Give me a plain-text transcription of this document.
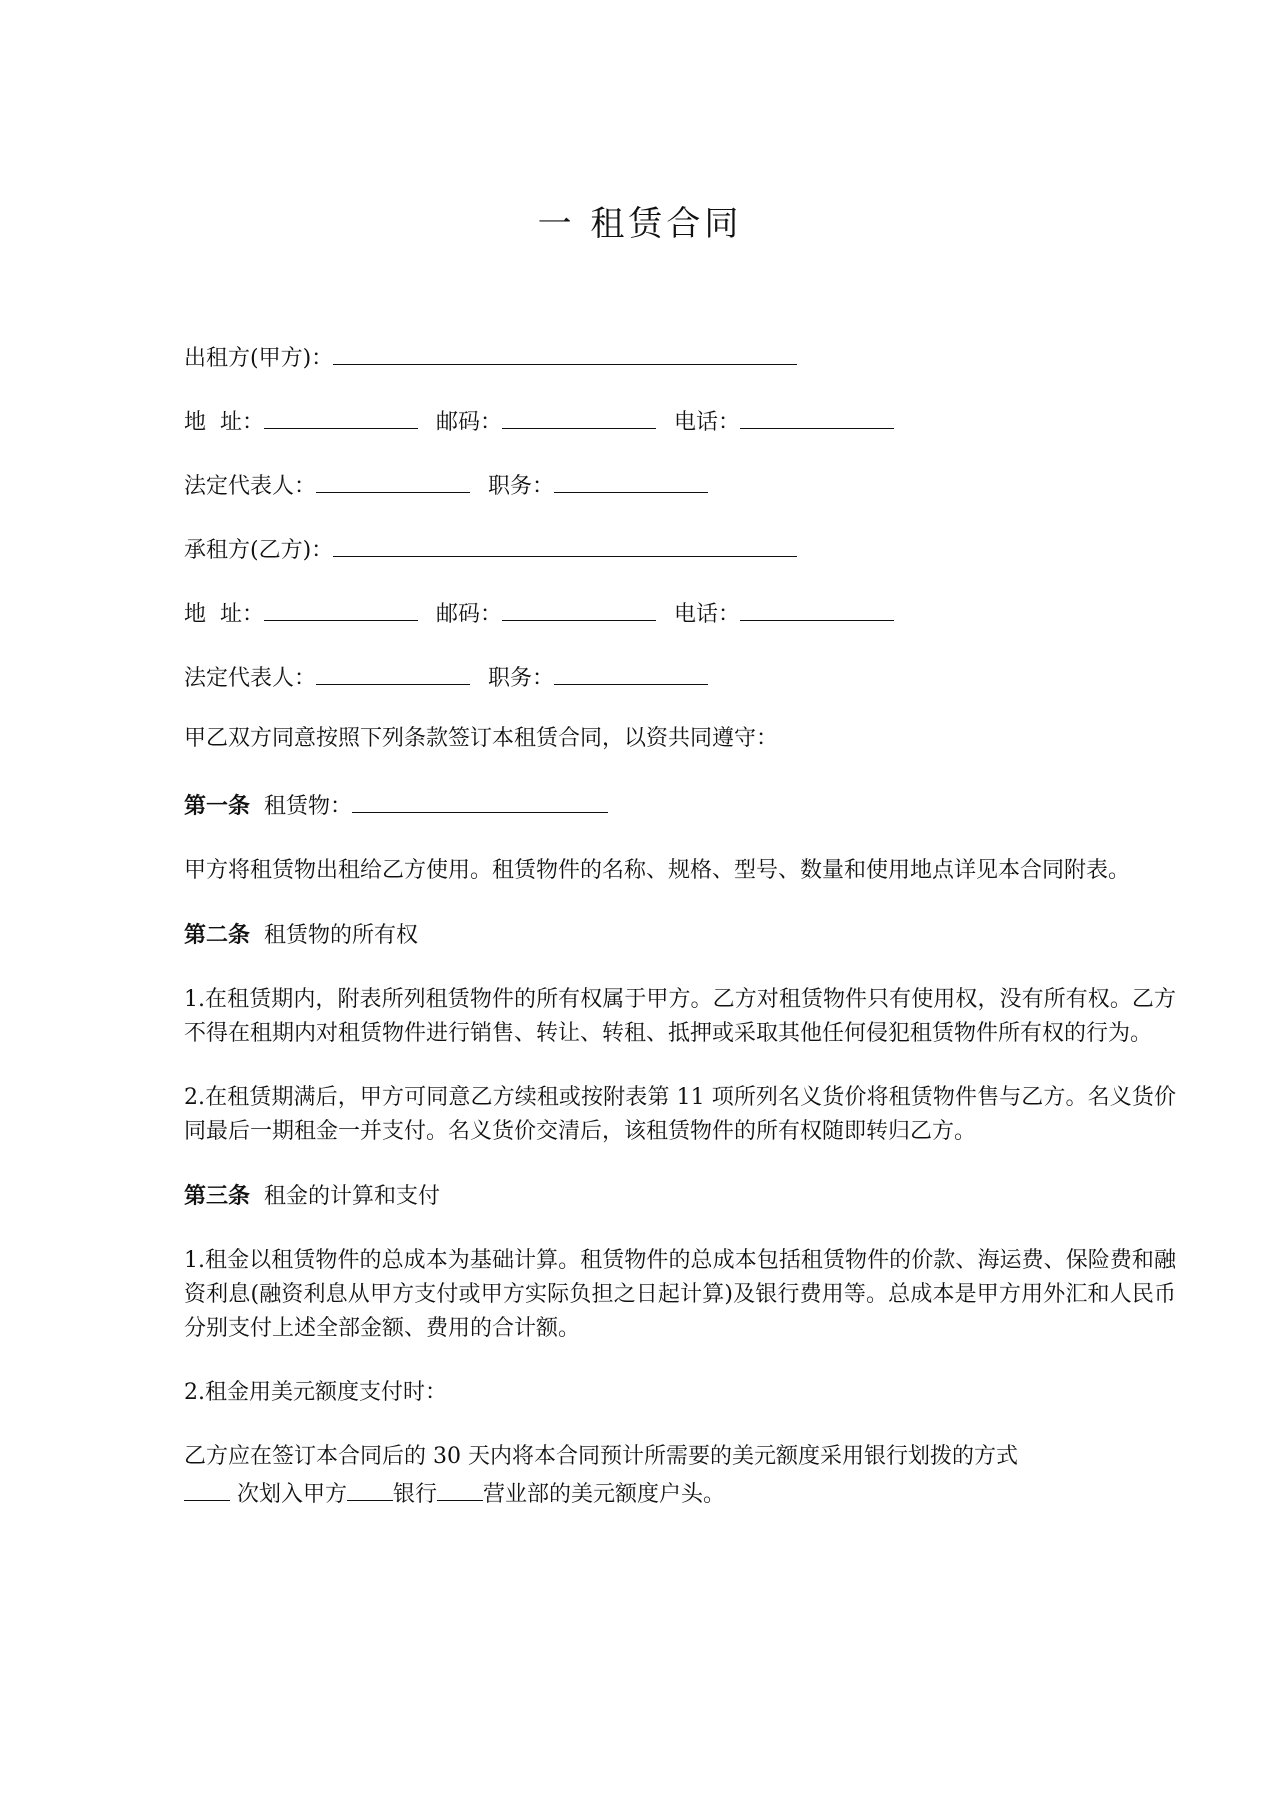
一 租赁合同
出租方(甲方)：
地  址：	邮码：	电话：
法定代表人：	职务：
承租方(乙方)：
地  址：	邮码：	电话：
法定代表人：	职务：
甲乙双方同意按照下列条款签订本租赁合同，以资共同遵守：
第一条 租赁物：
甲方将租赁物出租给乙方使用。租赁物件的名称、规格、型号、数量和使用地点详见本合同附表。
第二条 租赁物的所有权
1.在租赁期内，附表所列租赁物件的所有权属于甲方。乙方对租赁物件只有使用权，没有所有权。乙方不得在租期内对租赁物件进行销售、转让、转租、抵押或采取其他任何侵犯租赁物件所有权的行为。
2.在租赁期满后，甲方可同意乙方续租或按附表第 11 项所列名义货价将租赁物件售与乙方。名义货价同最后一期租金一并支付。名义货价交清后，该租赁物件的所有权随即转归乙方。
第三条 租金的计算和支付
1.租金以租赁物件的总成本为基础计算。租赁物件的总成本包括租赁物件的价款、海运费、保险费和融资利息(融资利息从甲方支付或甲方实际负担之日起计算)及银行费用等。总成本是甲方用外汇和人民币分别支付上述全部金额、费用的合计额。
2.租金用美元额度支付时：
乙方应在签订本合同后的 30 天内将本合同预计所需要的美元额度采用银行划拨的方式
次划入甲方 银行 营业部的美元额度户头。
